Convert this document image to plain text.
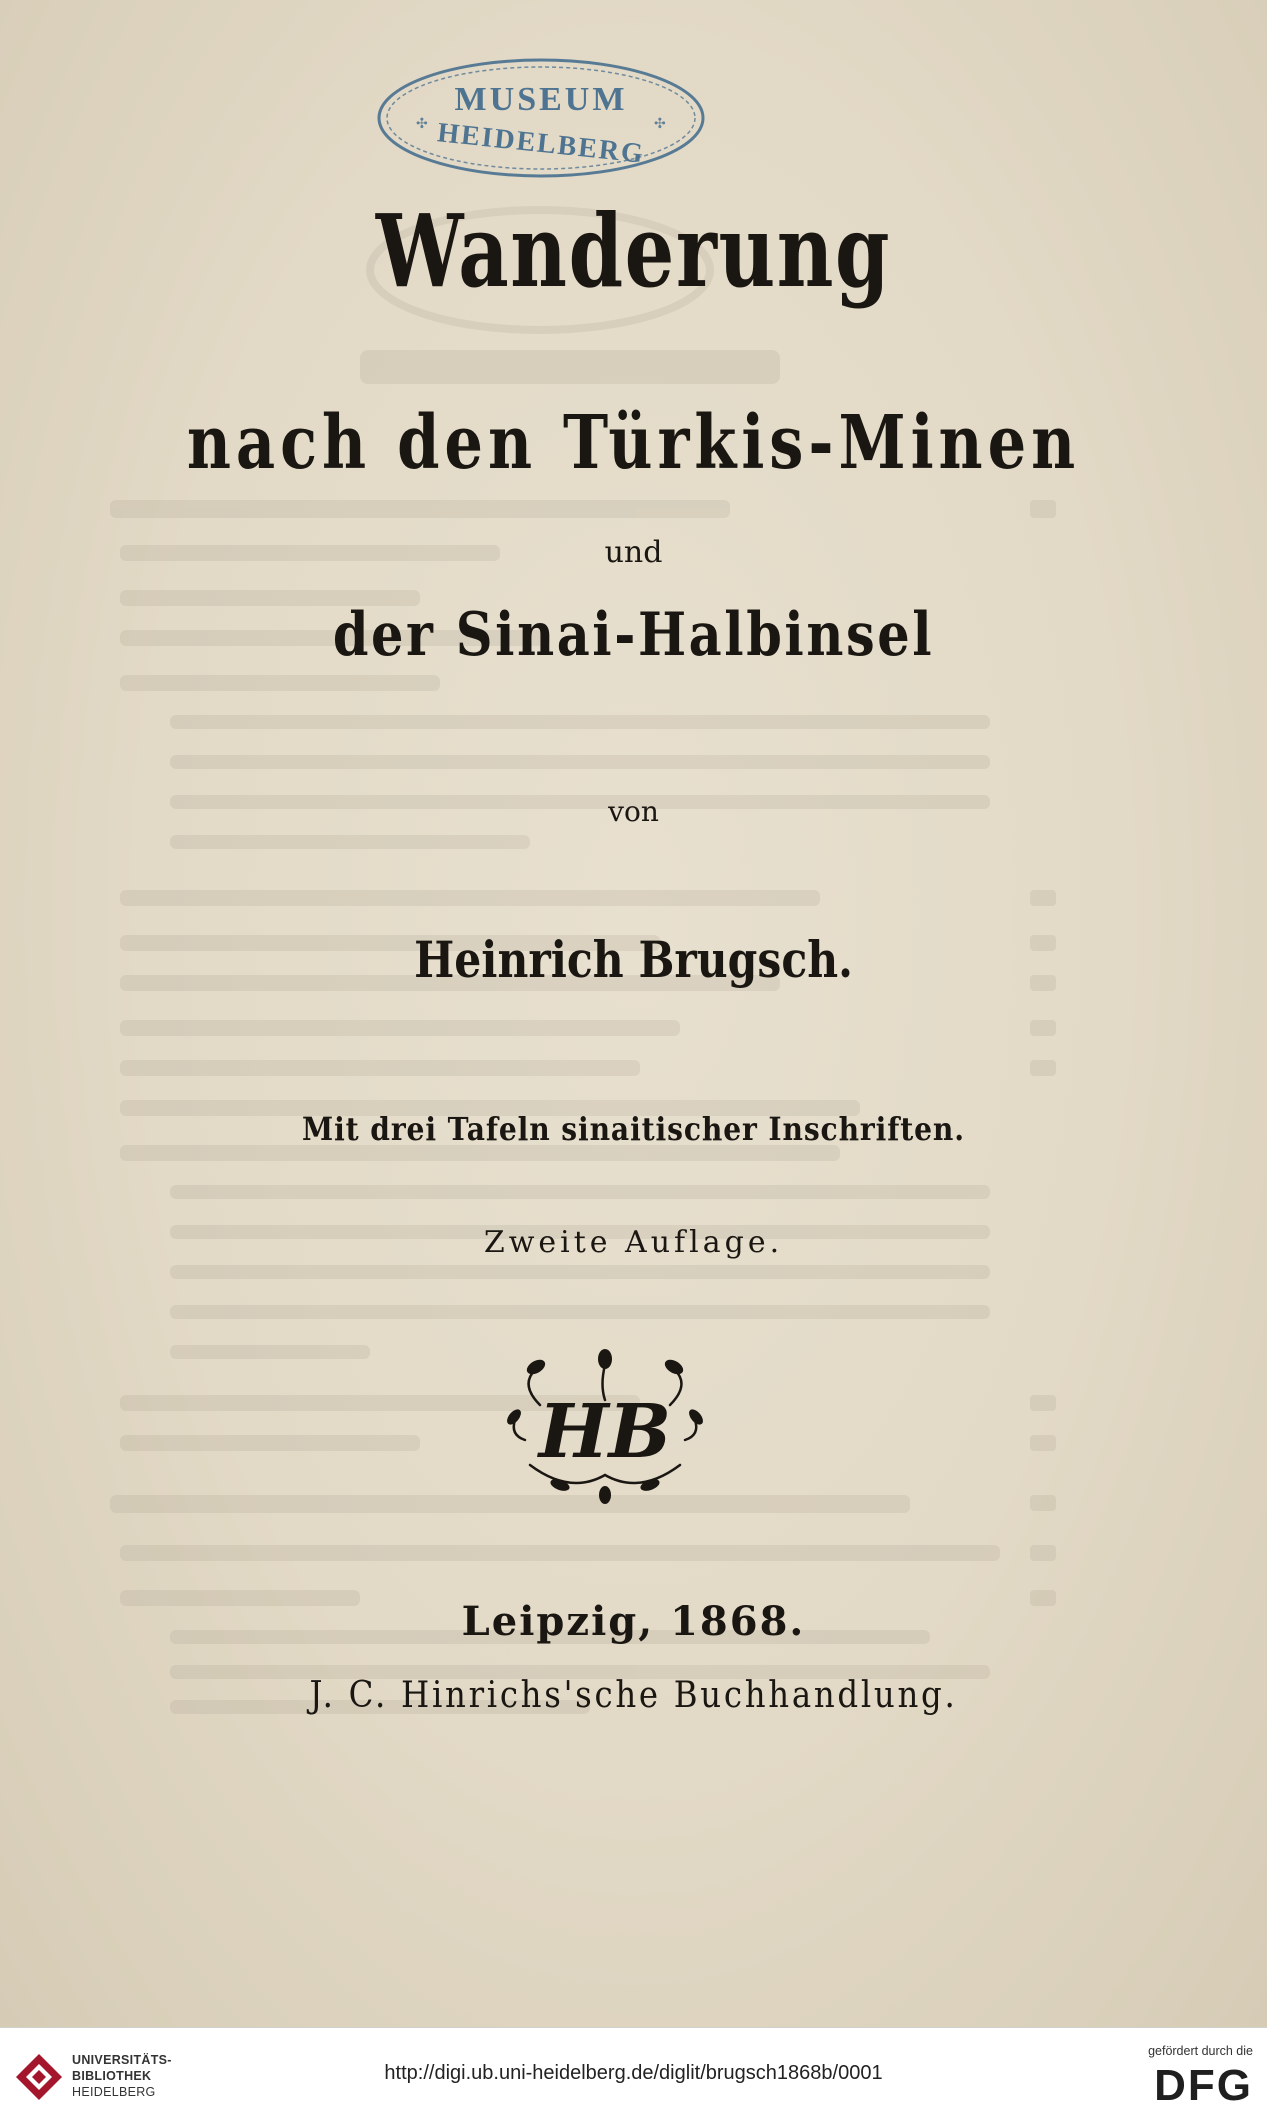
MUSEUM
HEIDELBERG
✣	✣
Wanderung
nach den Türkis-Minen
und
der Sinai-Halbinsel
von
Heinrich Brugsch.
Mit drei Tafeln sinaitischer Inschriften.
Zweite Auflage.
HB
Leipzig, 1868.
J. C. Hinrichs'sche Buchhandlung.
UNIVERSITÄTS-
BIBLIOTHEK
HEIDELBERG
http://digi.ub.uni-heidelberg.de/diglit/brugsch1868b/0001
gefördert durch die
DFG
